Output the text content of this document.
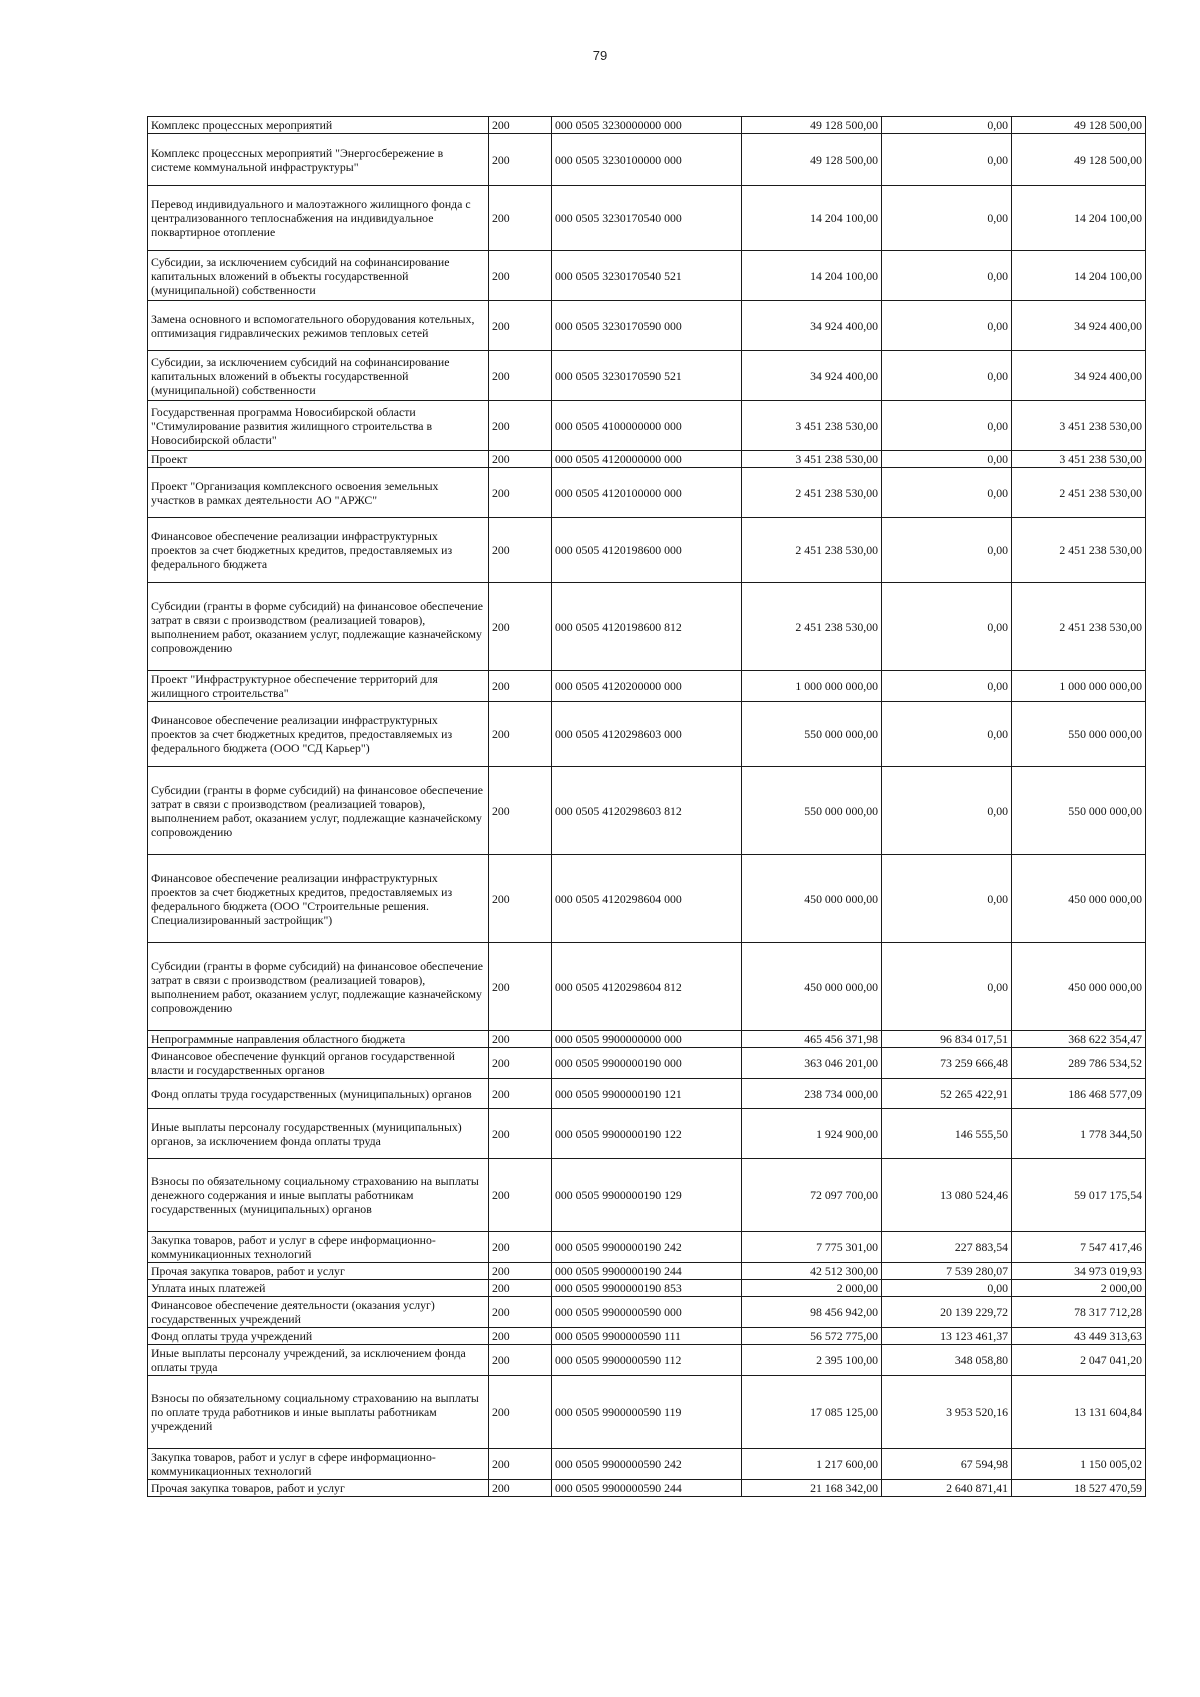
79
Комплекс процессных мероприятий	200	000 0505 3230000000 000	49 128 500,00	0,00	49 128 500,00
Комплекс процессных мероприятий "Энергосбережение в системе коммунальной инфраструктуры"	200	000 0505 3230100000 000	49 128 500,00	0,00	49 128 500,00
Перевод индивидуального и малоэтажного жилищного фонда с централизованного теплоснабжения на индивидуальное поквартирное отопление	200	000 0505 3230170540 000	14 204 100,00	0,00	14 204 100,00
Субсидии, за исключением субсидий на софинансирование капитальных вложений в объекты государственной (муниципальной) собственности	200	000 0505 3230170540 521	14 204 100,00	0,00	14 204 100,00
Замена основного и вспомогательного оборудования котельных, оптимизация гидравлических режимов тепловых сетей	200	000 0505 3230170590 000	34 924 400,00	0,00	34 924 400,00
Субсидии, за исключением субсидий на софинансирование капитальных вложений в объекты государственной (муниципальной) собственности	200	000 0505 3230170590 521	34 924 400,00	0,00	34 924 400,00
Государственная программа Новосибирской области "Стимулирование развития жилищного строительства в Новосибирской области"	200	000 0505 4100000000 000	3 451 238 530,00	0,00	3 451 238 530,00
Проект	200	000 0505 4120000000 000	3 451 238 530,00	0,00	3 451 238 530,00
Проект "Организация комплексного освоения земельных участков в рамках деятельности АО "АРЖС"	200	000 0505 4120100000 000	2 451 238 530,00	0,00	2 451 238 530,00
Финансовое обеспечение реализации инфраструктурных проектов за счет бюджетных кредитов, предоставляемых из федерального бюджета	200	000 0505 4120198600 000	2 451 238 530,00	0,00	2 451 238 530,00
Субсидии (гранты в форме субсидий) на финансовое обеспечение затрат в связи с производством (реализацией товаров), выполнением работ, оказанием услуг, подлежащие казначейскому сопровождению	200	000 0505 4120198600 812	2 451 238 530,00	0,00	2 451 238 530,00
Проект "Инфраструктурное обеспечение территорий для жилищного строительства"	200	000 0505 4120200000 000	1 000 000 000,00	0,00	1 000 000 000,00
Финансовое обеспечение реализации инфраструктурных проектов за счет бюджетных кредитов, предоставляемых из федерального бюджета (ООО "СД Карьер")	200	000 0505 4120298603 000	550 000 000,00	0,00	550 000 000,00
Субсидии (гранты в форме субсидий) на финансовое обеспечение затрат в связи с производством (реализацией товаров), выполнением работ, оказанием услуг, подлежащие казначейскому сопровождению	200	000 0505 4120298603 812	550 000 000,00	0,00	550 000 000,00
Финансовое обеспечение реализации инфраструктурных проектов за счет бюджетных кредитов, предоставляемых из федерального бюджета (ООО "Строительные решения. Специализированный застройщик")	200	000 0505 4120298604 000	450 000 000,00	0,00	450 000 000,00
Субсидии (гранты в форме субсидий) на финансовое обеспечение затрат в связи с производством (реализацией товаров), выполнением работ, оказанием услуг, подлежащие казначейскому сопровождению	200	000 0505 4120298604 812	450 000 000,00	0,00	450 000 000,00
Непрограммные направления областного бюджета	200	000 0505 9900000000 000	465 456 371,98	96 834 017,51	368 622 354,47
Финансовое обеспечение функций органов государственной власти и государственных органов	200	000 0505 9900000190 000	363 046 201,00	73 259 666,48	289 786 534,52
Фонд оплаты труда государственных (муниципальных) органов	200	000 0505 9900000190 121	238 734 000,00	52 265 422,91	186 468 577,09
Иные выплаты персоналу государственных (муниципальных) органов, за исключением фонда оплаты труда	200	000 0505 9900000190 122	1 924 900,00	146 555,50	1 778 344,50
Взносы по обязательному социальному страхованию на выплаты денежного содержания и иные выплаты работникам государственных (муниципальных) органов	200	000 0505 9900000190 129	72 097 700,00	13 080 524,46	59 017 175,54
Закупка товаров, работ и услуг в сфере информационно-коммуникационных технологий	200	000 0505 9900000190 242	7 775 301,00	227 883,54	7 547 417,46
Прочая закупка товаров, работ и услуг	200	000 0505 9900000190 244	42 512 300,00	7 539 280,07	34 973 019,93
Уплата иных платежей	200	000 0505 9900000190 853	2 000,00	0,00	2 000,00
Финансовое обеспечение деятельности (оказания услуг) государственных учреждений	200	000 0505 9900000590 000	98 456 942,00	20 139 229,72	78 317 712,28
Фонд оплаты труда учреждений	200	000 0505 9900000590 111	56 572 775,00	13 123 461,37	43 449 313,63
Иные выплаты персоналу учреждений, за исключением фонда оплаты труда	200	000 0505 9900000590 112	2 395 100,00	348 058,80	2 047 041,20
Взносы по обязательному социальному страхованию на выплаты по оплате труда работников и иные выплаты работникам учреждений	200	000 0505 9900000590 119	17 085 125,00	3 953 520,16	13 131 604,84
Закупка товаров, работ и услуг в сфере информационно-коммуникационных технологий	200	000 0505 9900000590 242	1 217 600,00	67 594,98	1 150 005,02
Прочая закупка товаров, работ и услуг	200	000 0505 9900000590 244	21 168 342,00	2 640 871,41	18 527 470,59
